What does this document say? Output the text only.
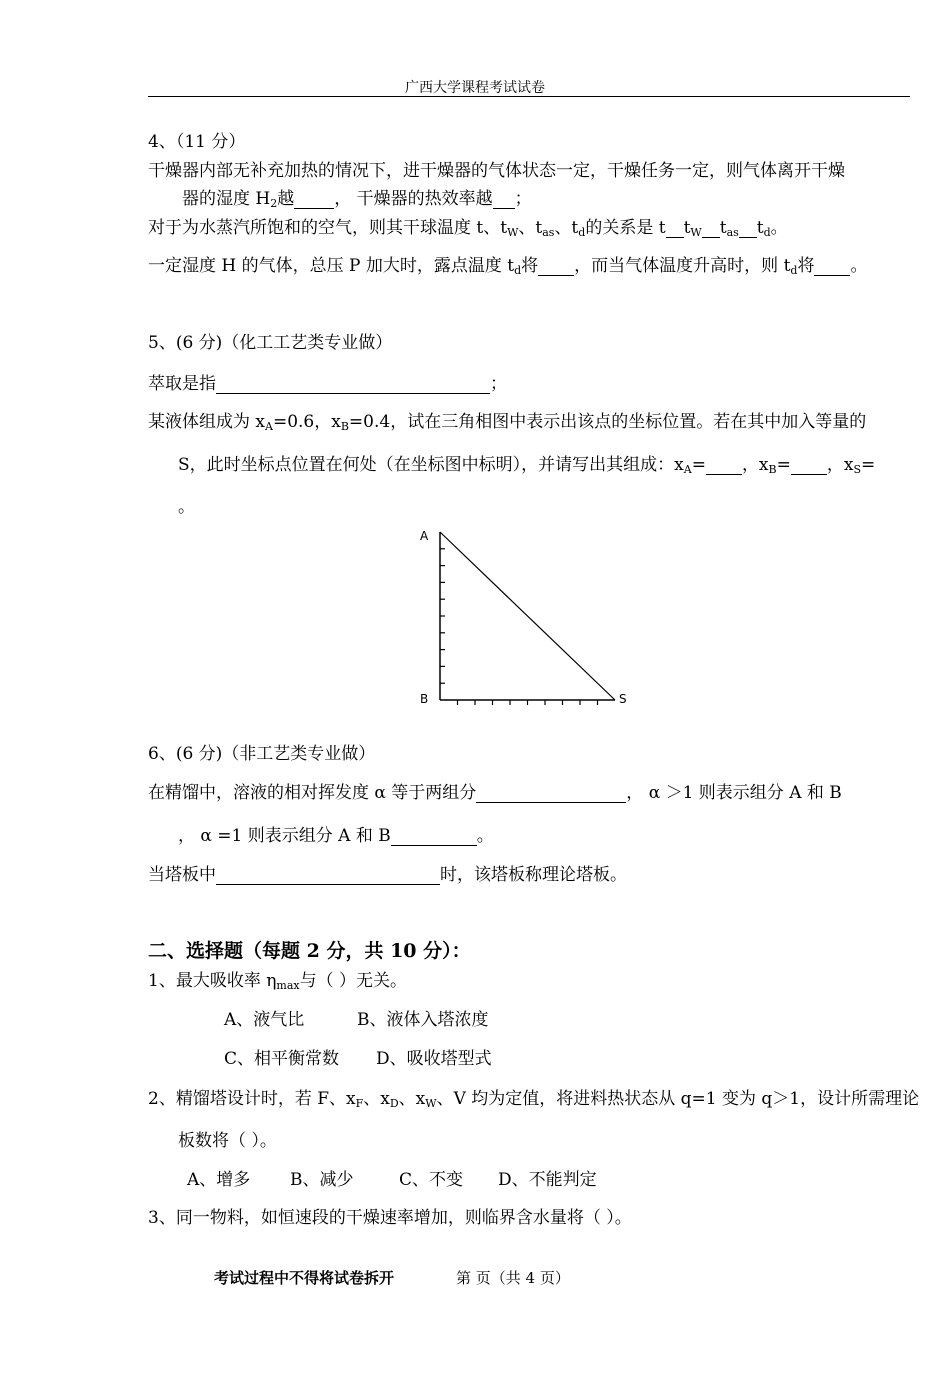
广西大学课程考试试卷
4、（11 分）
干燥器内部无补充加热的情况下，进干燥器的气体状态一定，干燥任务一定，则气体离开干燥
器的湿度 $H_2$越 ， 干燥器的热效率越 ；
对于为水蒸汽所饱和的空气，则其干球温度 t、$t_W$、$t_{as}$、$t_d$的关系是 t $t_W$ $t_{as}$ $t_d$。
一定湿度 H 的气体，总压 P 加大时，露点温度 $t_d$将 ，而当气体温度升高时，则 $t_d$将 。
5、(6 分)（化工工艺类专业做）
萃取是指	；
某液体组成为 $x_A=0.6$，$x_B=0.4$，试在三角相图中表示出该点的坐标位置。若在其中加入等量的
S，此时坐标点位置在何处（在坐标图中标明），并请写出其组成：$x_A=$ ，$x_B=$ ，$x_S=$
。
A
B	S
6、(6 分)（非工艺类专业做）
在精馏中，溶液的相对挥发度 α 等于两组分	， α ＞1 则表示组分 A 和 B
， α =1 则表示组分 A 和 B	。
当塔板中	时，该塔板称理论塔板。
二、选择题（每题 2 分，共 10 分）：
1、最大吸收率 $\eta_{max}$与（ ）无关。
A、液气比	B、液体入塔浓度
C、相平衡常数 D、吸收塔型式
2、精馏塔设计时，若 F、$x_F$、$x_D$、$x_W$、V 均为定值，将进料热状态从 q=1 变为 q＞1，设计所需理论
板数将（ ）。
A、增多 B、减少	C、不变 D、不能判定
3、同一物料，如恒速段的干燥速率增加，则临界含水量将（ ）。
考试过程中不得将试卷拆开	第 页（共 4 页）
